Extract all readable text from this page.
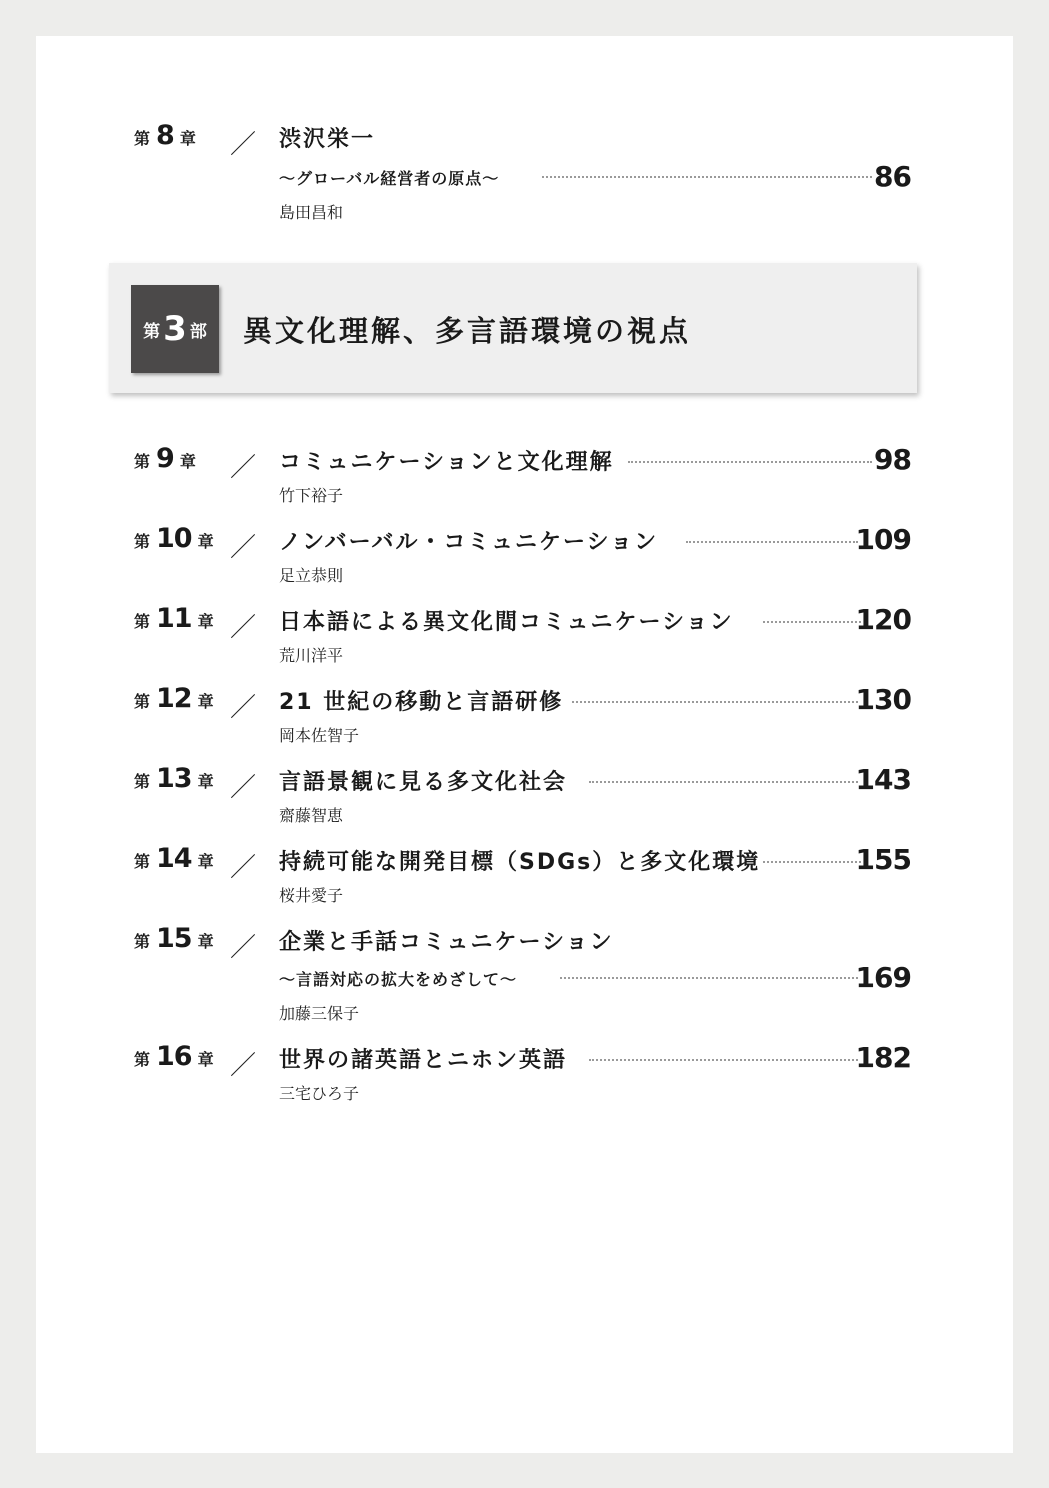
第 8 章 ／ 渋沢栄一
～グローバル経営者の原点～	86
島田昌和
第 3 部 異文化理解、多言語環境の視点
第 9 章 ／ コミュニケーションと文化理解	98
竹下裕子
第 10 章 ／ ノンバーバル・コミュニケーション	109
足立恭則
第 11 章 ／ 日本語による異文化間コミュニケーション	120
荒川洋平
第 12 章 ／ 21 世紀の移動と言語研修	130
岡本佐智子
第 13 章 ／ 言語景観に見る多文化社会	143
齋藤智恵
第 14 章 ／ 持続可能な開発目標（SDGs）と多文化環境	155
桜井愛子
第 15 章 ／ 企業と手話コミュニケーション
～言語対応の拡大をめざして～	169
加藤三保子
第 16 章 ／ 世界の諸英語とニホン英語	182
三宅ひろ子
